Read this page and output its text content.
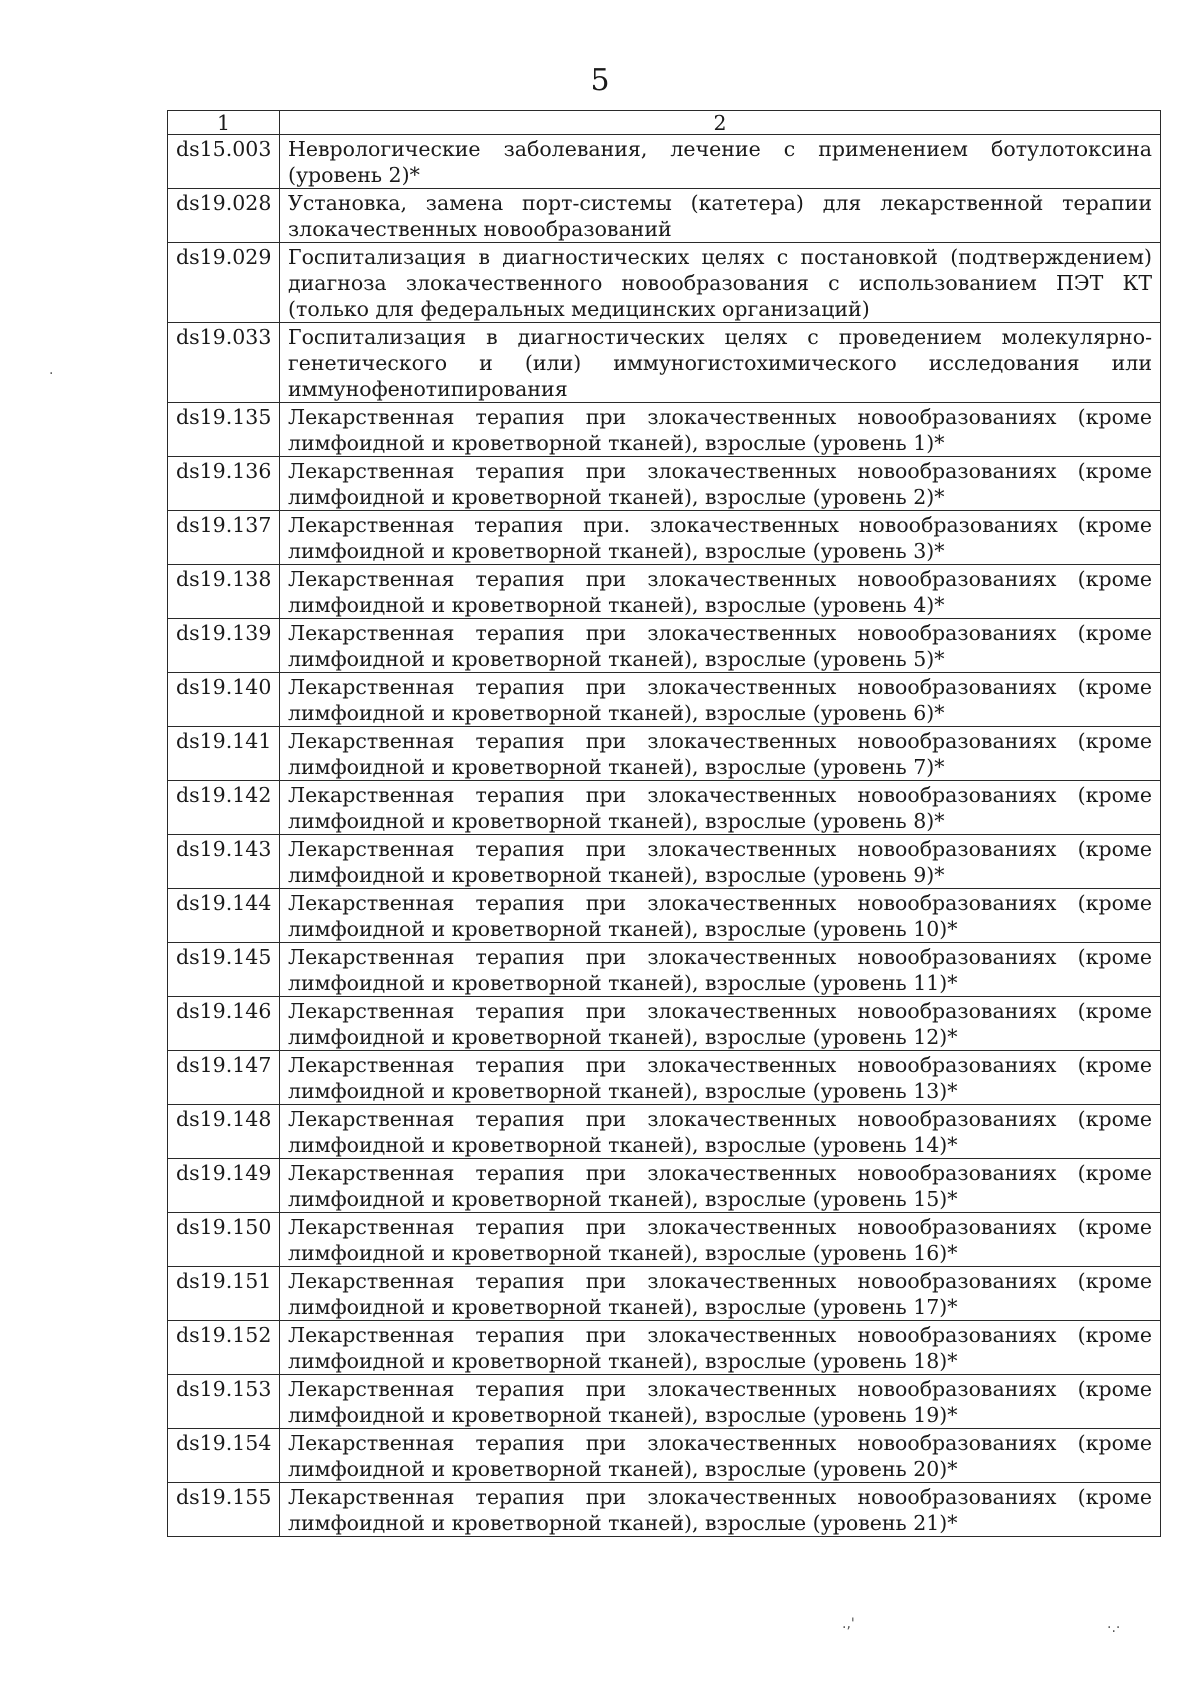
5
1	2
ds15.003	Неврологические заболевания, лечение с применением ботулотоксина (уровень 2)*
ds19.028	Установка, замена порт-системы (катетера) для лекарственной терапии злокачественных новообразований
ds19.029	Госпитализация в диагностических целях с постановкой (подтверждением) диагноза злокачественного новообразования с использованием ПЭТ КТ (только для федеральных медицинских организаций)
ds19.033	Госпитализация в диагностических целях с проведением молекулярно-генетического и (или) иммуногистохимического исследования или иммунофенотипирования
ds19.135	Лекарственная терапия при злокачественных новообразованиях (кроме лимфоидной и кроветворной тканей), взрослые (уровень 1)*
ds19.136	Лекарственная терапия при злокачественных новообразованиях (кроме лимфоидной и кроветворной тканей), взрослые (уровень 2)*
ds19.137	Лекарственная терапия при. злокачественных новообразованиях (кроме лимфоидной и кроветворной тканей), взрослые (уровень 3)*
ds19.138	Лекарственная терапия при злокачественных новообразованиях (кроме лимфоидной и кроветворной тканей), взрослые (уровень 4)*
ds19.139	Лекарственная терапия при злокачественных новообразованиях (кроме лимфоидной и кроветворной тканей), взрослые (уровень 5)*
ds19.140	Лекарственная терапия при злокачественных новообразованиях (кроме лимфоидной и кроветворной тканей), взрослые (уровень 6)*
ds19.141	Лекарственная терапия при злокачественных новообразованиях (кроме лимфоидной и кроветворной тканей), взрослые (уровень 7)*
ds19.142	Лекарственная терапия при злокачественных новообразованиях (кроме лимфоидной и кроветворной тканей), взрослые (уровень 8)*
ds19.143	Лекарственная терапия при злокачественных новообразованиях (кроме лимфоидной и кроветворной тканей), взрослые (уровень 9)*
ds19.144	Лекарственная терапия при злокачественных новообразованиях (кроме лимфоидной и кроветворной тканей), взрослые (уровень 10)*
ds19.145	Лекарственная терапия при злокачественных новообразованиях (кроме лимфоидной и кроветворной тканей), взрослые (уровень 11)*
ds19.146	Лекарственная терапия при злокачественных новообразованиях (кроме лимфоидной и кроветворной тканей), взрослые (уровень 12)*
ds19.147	Лекарственная терапия при злокачественных новообразованиях (кроме лимфоидной и кроветворной тканей), взрослые (уровень 13)*
ds19.148	Лекарственная терапия при злокачественных новообразованиях (кроме лимфоидной и кроветворной тканей), взрослые (уровень 14)*
ds19.149	Лекарственная терапия при злокачественных новообразованиях (кроме лимфоидной и кроветворной тканей), взрослые (уровень 15)*
ds19.150	Лекарственная терапия при злокачественных новообразованиях (кроме лимфоидной и кроветворной тканей), взрослые (уровень 16)*
ds19.151	Лекарственная терапия при злокачественных новообразованиях (кроме лимфоидной и кроветворной тканей), взрослые (уровень 17)*
ds19.152	Лекарственная терапия при злокачественных новообразованиях (кроме лимфоидной и кроветворной тканей), взрослые (уровень 18)*
ds19.153	Лекарственная терапия при злокачественных новообразованиях (кроме лимфоидной и кроветворной тканей), взрослые (уровень 19)*
ds19.154	Лекарственная терапия при злокачественных новообразованиях (кроме лимфоидной и кроветворной тканей), взрослые (уровень 20)*
ds19.155	Лекарственная терапия при злокачественных новообразованиях (кроме лимфоидной и кроветворной тканей), взрослые (уровень 21)*
·
.,'	·.·
